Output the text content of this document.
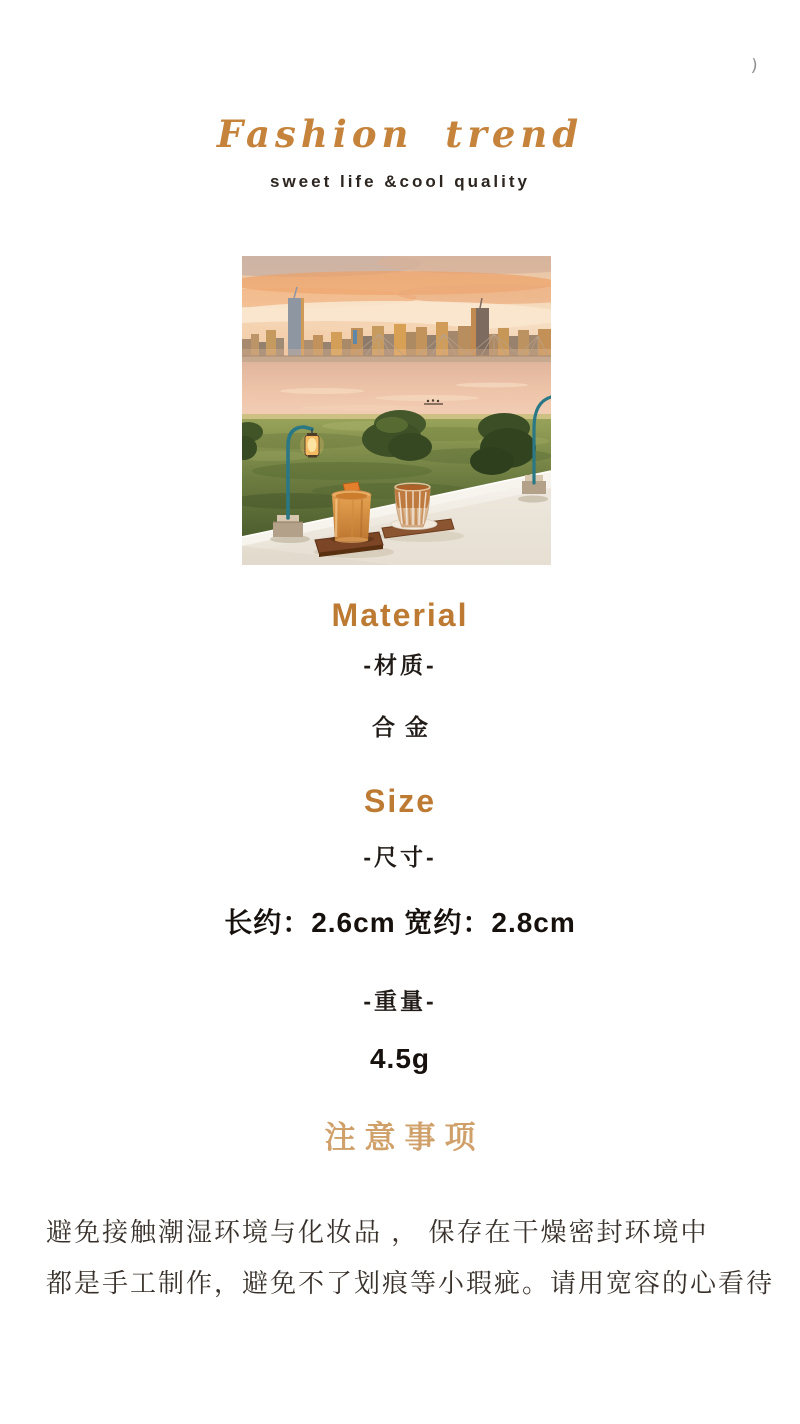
)
Fashion trend
sweet life &cool quality
Material
-材质-
合金
Size
-尺寸-
长约：2.6cm 宽约：2.8cm
-重量-
4.5g
注意事项
避免接触潮湿环境与化妆品 ， 保存在干燥密封环境中
都是手工制作，避免不了划痕等小瑕疵。请用宽容的心看待
